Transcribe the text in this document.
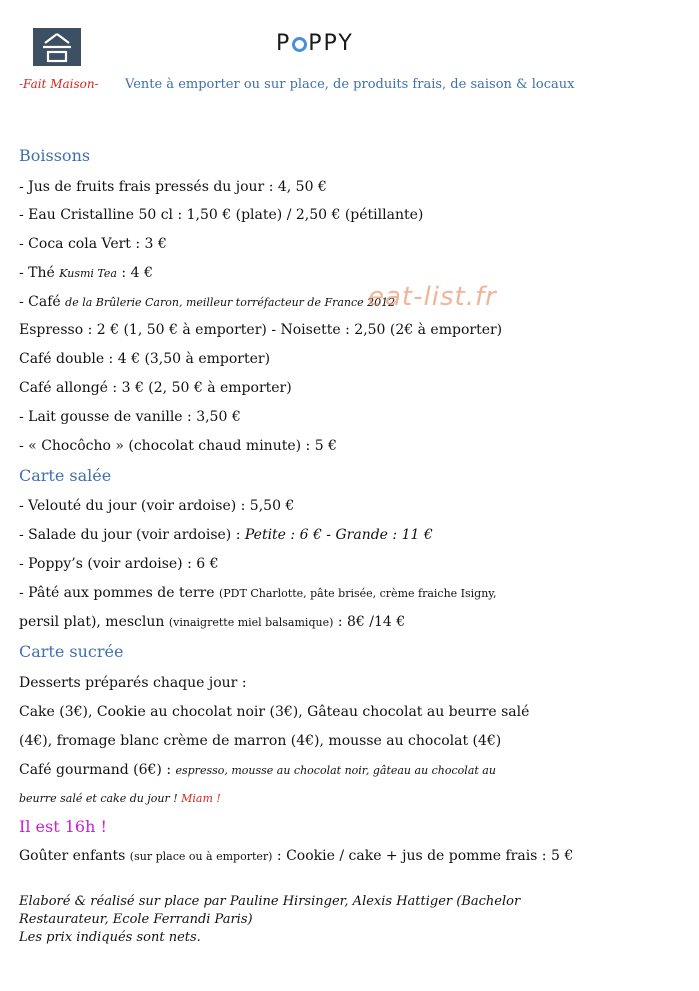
P PPY
-Fait Maison- Vente à emporter ou sur place, de produits frais, de saison & locaux
Boissons
- Jus de fruits frais pressés du jour : 4, 50 €
- Eau Cristalline 50 cl : 1,50 € (plate) / 2,50 € (pétillante)
- Coca cola Vert : 3 €
- Thé Kusmi Tea : 4 €
- Café de la Brûlerie Caron, meilleur torréfacteur de France 2012
eat-list.fr
Espresso : 2 € (1, 50 € à emporter) - Noisette : 2,50 (2€ à emporter)
Café double : 4 € (3,50 à emporter)
Café allongé : 3 € (2, 50 € à emporter)
- Lait gousse de vanille : 3,50 €
- « Chocôcho » (chocolat chaud minute) : 5 €
Carte salée
- Velouté du jour (voir ardoise) : 5,50 €
- Salade du jour (voir ardoise) : Petite : 6 € - Grande : 11 €
- Poppy’s (voir ardoise) : 6 €
- Pâté aux pommes de terre (PDT Charlotte, pâte brisée, crème fraiche Isigny,
persil plat), mesclun (vinaigrette miel balsamique) : 8€ /14 €
Carte sucrée
Desserts préparés chaque jour :
Cake (3€), Cookie au chocolat noir (3€), Gâteau chocolat au beurre salé
(4€), fromage blanc crème de marron (4€), mousse au chocolat (4€)
Café gourmand (6€) : espresso, mousse au chocolat noir, gâteau au chocolat au
beurre salé et cake du jour ! Miam !
Il est 16h !
Goûter enfants (sur place ou à emporter) : Cookie / cake + jus de pomme frais : 5 €
Elaboré & réalisé sur place par Pauline Hirsinger, Alexis Hattiger (Bachelor
Restaurateur, Ecole Ferrandi Paris)
Les prix indiqués sont nets.
